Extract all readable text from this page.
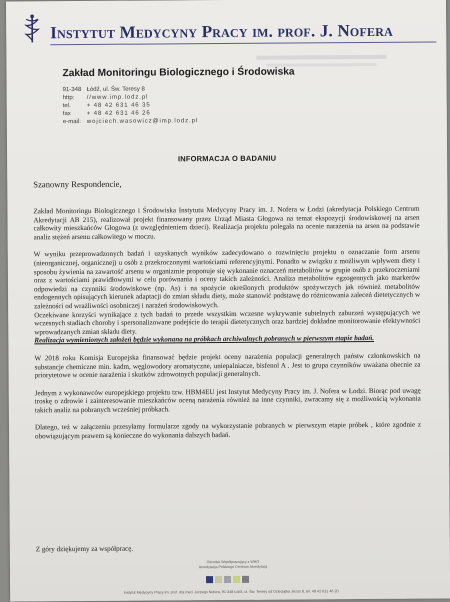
Instytut Medycyny Pracy im. prof. J. Nofera
Zakład Monitoringu Biologicznego i Środowiska
91-348 Łódź, ul. Św. Teresy 8
http:	//www.imp.lodz.pl
tel.	+ 48 42 631 46 35
fax	+ 48 42 631 46 26
e-mail: wojciech.wasowicz@imp.lodz.pl
INFORMACJA O BADANIU
Szanowny Respondencie,

Zakład Monitoringu Biologicznego i Środowiska Instytutu Medycyny Pracy im. J. Nofera w Łodzi (akredytacja Polskiego Centrum Akredytacji AB 215), realizował projekt finansowany przez Urząd Miasta Głogowa na temat ekspozycji środowiskowej na arsen całkowity mieszkańców Głogowa (z uwzględnieniem dzieci). Realizacja projektu polegała na ocenie narażenia na arsen na podstawie analiz stężeń arsenu całkowitego w moczu.

W wyniku przeprowadzonych badań i uzyskanych wyników zadecydowano o rozwinięciu projektu o oznaczanie form arsenu (nieorganicznej, organicznej) u osób z przekroczonymi wartościami referencyjnymi. Ponadto w związku z możliwym wpływem diety i sposobu żywienia na zawartość arsenu w organizmie proponuje się wykonanie oznaczeń metabolitów w grupie osób z przekroczeniami oraz z wartościami prawidłowymi w celu porównania i oceny takich zależności. Analiza metabolitów egzogennych jako markerów odpowiedzi na czynniki środowiskowe (np. As) i na spożycie określonych produktów spożywczych jak również metabolitów endogennych opisujących kierunek adaptacji do zmian składu diety, może stanowić podstawę do różnicowania zaleceń dietetycznych w zależności od wrażliwości osobniczej i narażeń środowiskowych.

Oczekiwane korzyści wynikające z tych badań to przede wszystkim wczesne wykrywanie subtelnych zaburzeń występujących we wczesnych stadiach choroby i spersonalizowane podejście do terapii dietetycznych oraz bardziej dokładne monitorowanie efektywności wprowadzanych zmian składu diety.

Realizacja wymienionych założeń będzie wykonana na próbkach archiwalnych pobranych w pierwszym etapie badań.

W 2018 roku Komisja Europejska finansować będzie projekt oceny narażenia populacji generalnych państw członkowskich na substancje chemiczne min. kadm, węglowodory aromatyczne, uniepalniacze, bisfenol A . Jest to grupa czynników uważana obecnie za priorytetowe w ocenie narażenia i skutków zdrowotnych populacji generalnych.

Jednym z wykonawców europejskiego projektu tzw. HBM4EU jest Instytut Medycyny Pracy im. J. Nofera w Łodzi. Biorąc pod uwagę troskę o zdrowie i zainteresowanie mieszkańców oceną narażenia również na inne czynniki, zwracamy się z możliwością wykonania takich analiz na pobranych wcześniej próbkach.

Dlatego, też w załączeniu przesyłamy formularze zgody na wykorzystanie pobranych w pierwszym etapie próbek , które zgodnie z obowiązującym prawem są konieczne do wykonania dalszych badań.

Z góry dziękujemy za współpracę.
Ośrodek Współpracujący z WHO
Akredytacja Polskiego Centrum Akredytacji
Instytut Medycyny Pracy im. prof. dra med. Jerzego Nofera, 91-348 Łódź, ul. Św. Teresy od Dzieciątka Jezus 8, tel. 48 42 631 46 20
